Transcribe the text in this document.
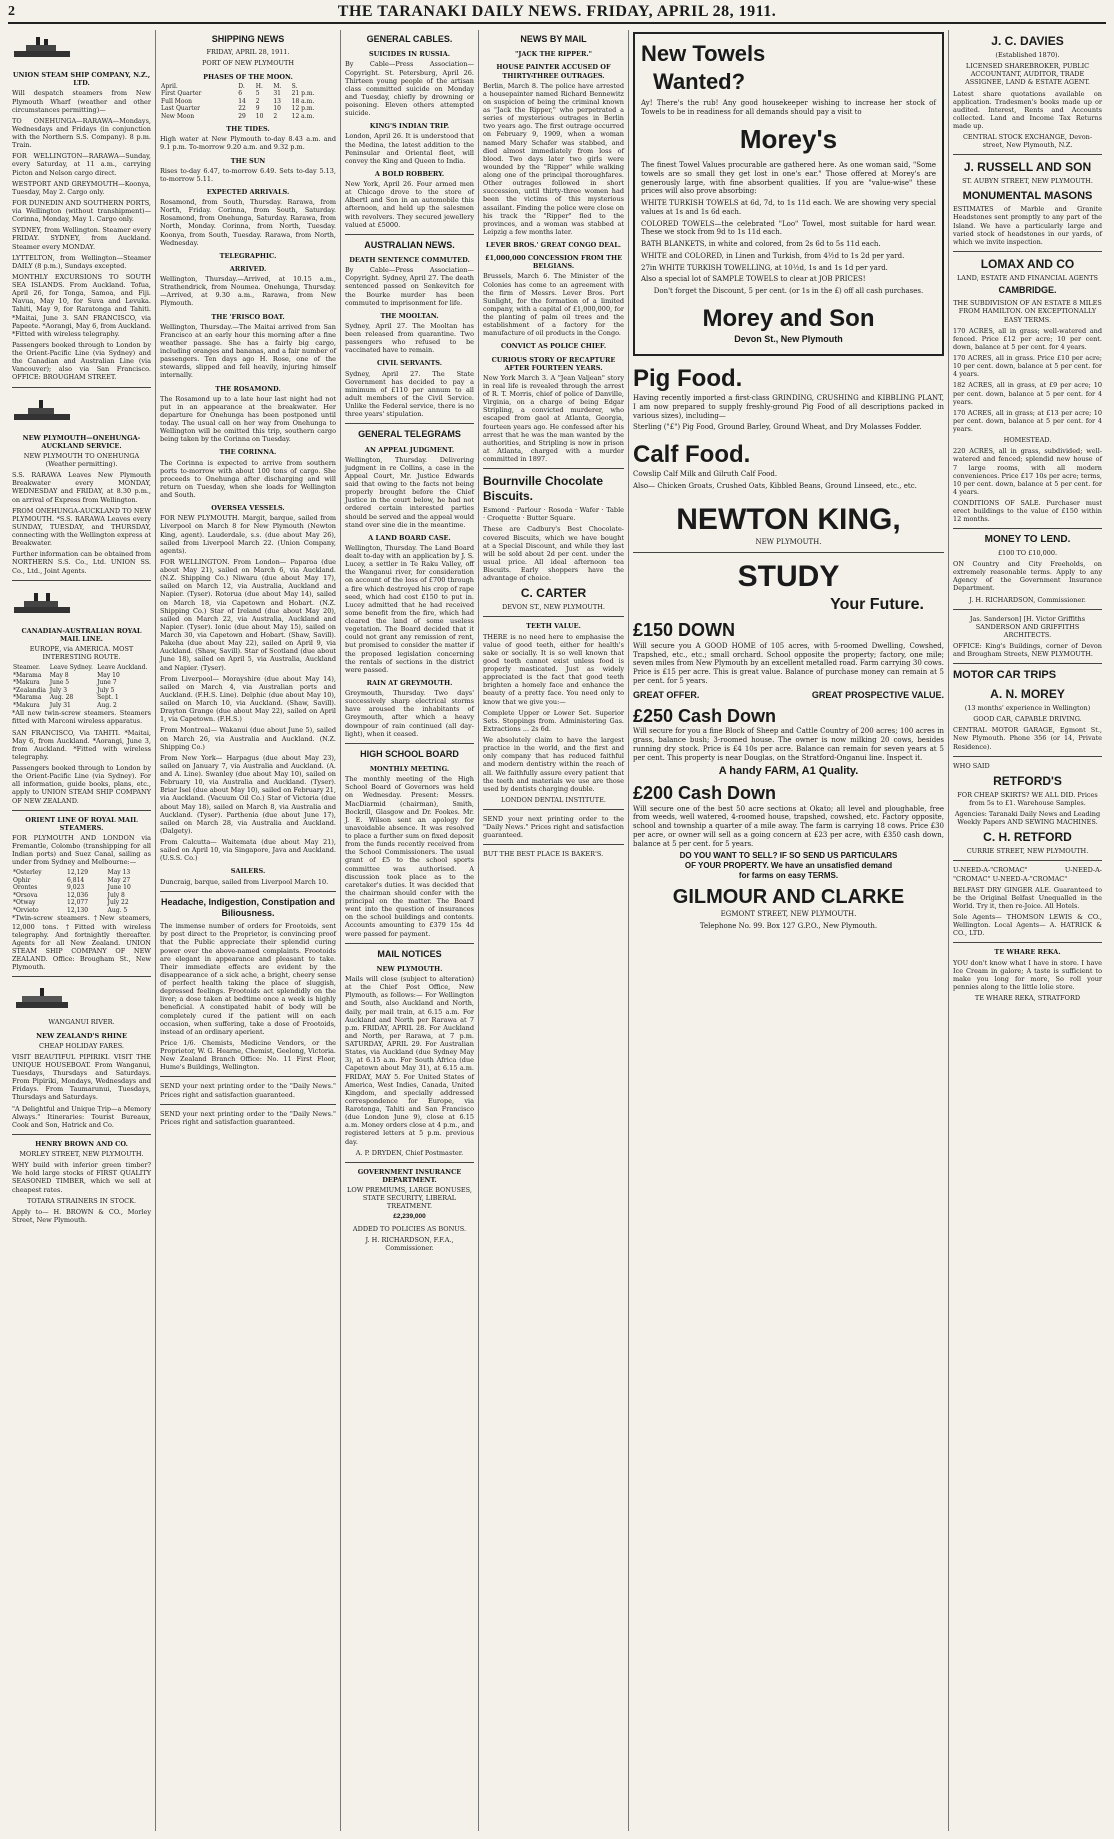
2	THE TARANAKI DAILY NEWS. FRIDAY, APRIL 28, 1911.
UNION STEAM SHIP COMPANY, N.Z., LTD.

Will despatch steamers from New Plymouth Wharf (weather and other circumstances permitting)—

TO ONEHUNGA—RARAWA—Mondays, Wednesdays and Fridays (in conjunction with the Northern S.S. Company). 8 p.m. Train.

FOR WELLINGTON—RARAWA—Sunday, every Saturday, at 11 a.m., carrying Picton and Nelson cargo direct.

WESTPORT AND GREYMOUTH—Koonya, Tuesday, May 2. Cargo only.

FOR DUNEDIN AND SOUTHERN PORTS, via Wellington (without transhipment)—Corinna, Monday, May 1. Cargo only.

SYDNEY, from Wellington. Steamer every FRIDAY. SYDNEY, from Auckland. Steamer every MONDAY.

LYTTELTON, from Wellington—Steamer DAILY (8 p.m.), Sundays excepted.

MONTHLY EXCURSIONS TO SOUTH SEA ISLANDS. From Auckland. Tofua, April 26, for Tonga, Samoa, and Fiji. Navua, May 10, for Suva and Levuka. Tahiti, May 9, for Raratonga and Tahiti. *Maitai, June 3. SAN FRANCISCO, via Papeete. *Aorangi, May 6, from Auckland. *Fitted with wireless telegraphy.

Passengers booked through to London by the Orient-Pacific Line (via Sydney) and the Canadian and Australian Line (via Vancouver); also via San Francisco. OFFICE: BROUGHAM STREET.

NEW PLYMOUTH—ONEHUNGA-AUCKLAND SERVICE.

NEW PLYMOUTH TO ONEHUNGA (Weather permitting).

S.S. RARAWA Leaves New Plymouth Breakwater every MONDAY, WEDNESDAY and FRIDAY, at 8.30 p.m., on arrival of Express from Wellington.

FROM ONEHUNGA-AUCKLAND TO NEW PLYMOUTH. *S.S. RARAWA Leaves every SUNDAY, TUESDAY, and THURSDAY, connecting with the Wellington express at Breakwater.

Further information can be obtained from NORTHERN S.S. Co., Ltd. UNION SS. Co., Ltd., Joint Agents.

CANADIAN-AUSTRALIAN ROYAL MAIL LINE.

EUROPE, via AMERICA. MOST INTERESTING ROUTE.

Steamer.	Leave Sydney.	Leave Auckland.
*Marama	May 8	May 10
*Makura	June 5	June 7
*Zealandia	July 3	July 5
*Marama	Aug. 28	Sept. 1
*Makura	July 31	Aug. 2

*All new twin-screw steamers. Steamers fitted with Marconi wireless apparatus.

SAN FRANCISCO, Via TAHITI. *Maitai, May 6, from Auckland. *Aorangi, June 3, from Auckland. *Fitted with wireless telegraphy.

Passengers booked through to London by the Orient-Pacific Line (via Sydney). For all information, guide books, plans, etc., apply to UNION STEAM SHIP COMPANY OF NEW ZEALAND.

ORIENT LINE OF ROYAL MAIL STEAMERS.

FOR PLYMOUTH AND LONDON via Fremantle, Colombo (transhipping for all Indian ports) and Suez Canal, sailing as under from Sydney and Melbourne:—

*Osterley	12,129	May 13
Ophir	6,814	May 27
Orontes	9,023	June 10
*Orsova	12,036	July 8
*Otway	12,077	July 22
*Orvieto	12,130	Aug. 5

*Twin-screw steamers. †New steamers, 12,000 tons. †Fitted with wireless telegraphy. And fortnightly thereafter. Agents for all New Zealand. UNION STEAM SHIP COMPANY OF NEW ZEALAND. Office: Brougham St., New Plymouth.

WANGANUI RIVER.

NEW ZEALAND'S RHINE

CHEAP HOLIDAY FARES.

VISIT BEAUTIFUL PIPIRIKI. VISIT THE UNIQUE HOUSEBOAT. From Wanganui, Tuesdays, Thursdays and Saturdays. From Pipiriki, Mondays, Wednesdays and Fridays. From Taumarunui, Tuesdays, Thursdays and Saturdays.

"A Delightful and Unique Trip—a Memory Always." Itineraries: Tourist Bureaux, Cook and Son, Hatrick and Co.

HENRY BROWN AND CO.

MORLEY STREET, NEW PLYMOUTH.

WHY build with inferior green timber? We hold large stocks of FIRST QUALITY SEASONED TIMBER, which we sell at cheapest rates.

TOTARA STRAINERS IN STOCK.

Apply to— H. BROWN & CO., Morley Street, New Plymouth.

SHIPPING NEWS

FRIDAY, APRIL 28, 1911.

PORT OF NEW PLYMOUTH

PHASES OF THE MOON.
April.	D.	H.	M.	S.
First Quarter	6	5	31	21 p.m.
Full Moon	14	2	13	18 a.m.
Last Quarter	22	9	10	12 p.m.
New Moon	29	10	2	12 a.m.
THE TIDES.

High water at New Plymouth to-day 8.43 a.m. and 9.1 p.m. To-morrow 9.20 a.m. and 9.32 p.m.

THE SUN

Rises to-day 6.47, to-morrow 6.49. Sets to-day 5.13, to-morrow 5.11.

EXPECTED ARRIVALS.

Rosamond, from South, Thursday. Rarawa, from North, Friday. Corinna, from South, Saturday. Rosamond, from Onehunga, Saturday. Rarawa, from North, Monday. Corinna, from North, Tuesday. Koonya, from South, Tuesday. Rarawa, from North, Wednesday.

TELEGRAPHIC.
ARRIVED.

Wellington, Thursday.—Arrived, at 10.15 a.m., Strathendrick, from Noumea. Onehunga, Thursday.—Arrived, at 9.30 a.m., Rarawa, from New Plymouth.

THE 'FRISCO BOAT.

Wellington, Thursday.—The Maitai arrived from San Francisco at an early hour this morning after a fine weather passage. She has a fairly big cargo, including oranges and bananas, and a fair number of passengers. Ten days ago H. Rose, one of the stewards, slipped and fell heavily, injuring himself internally.

THE ROSAMOND.

The Rosamond up to a late hour last night had not put in an appearance at the breakwater. Her departure for Onehunga has been postponed until today. The usual call on her way from Onehunga to Wellington will be omitted this trip, southern cargo being taken by the Corinna on Tuesday.

THE CORINNA.

The Corinna is expected to arrive from southern ports to-morrow with about 100 tons of cargo. She proceeds to Onehunga after discharging and will return on Tuesday, when she loads for Wellington and South.

OVERSEA VESSELS.

FOR NEW PLYMOUTH. Margit, barque, sailed from Liverpool on March 8 for New Plymouth (Newton King, agent). Lauderdale, s.s. (due about May 26), sailed from Liverpool March 22. (Union Company, agents).

FOR WELLINGTON. From London— Paparoa (due about May 21), sailed on March 6, via Auckland. (N.Z. Shipping Co.) Niwaru (due about May 17), sailed on March 12, via Australia, Auckland and Napier. (Tyser). Rotorua (due about May 14), sailed on March 18, via Capetown and Hobart. (N.Z. Shipping Co.) Star of Ireland (due about May 20), sailed on March 22, via Australia, Auckland and Napier. (Tyser). Ionic (due about May 15), sailed on March 30, via Capetown and Hobart. (Shaw, Savill). Pakeha (due about May 22), sailed on April 9, via Auckland. (Shaw, Savill). Star of Scotland (due about June 18), sailed on April 5, via Australia, Auckland and Napier. (Tyser).

From Liverpool— Morayshire (due about May 14), sailed on March 4, via Australian ports and Auckland. (F.H.S. Line). Delphic (due about May 10), sailed on March 10, via Auckland. (Shaw, Savill). Drayton Grange (due about May 22), sailed on April 1, via Capetown. (F.H.S.)

From Montreal— Wakanui (due about June 5), sailed on March 26, via Australia and Auckland. (N.Z. Shipping Co.)

From New York— Harpagus (due about May 23), sailed on January 7, via Australia and Auckland. (A. and A. Line). Swanley (due about May 10), sailed on February 10, via Australia and Auckland. (Tyser). Briar Isel (due about May 10), sailed on February 21, via Auckland. (Vacuum Oil Co.) Star of Victoria (due about May 18), sailed on March 8, via Australia and Auckland. (Tyser). Parthenia (due about June 17), sailed on March 28, via Australia and Auckland. (Dalgety).

From Calcutta— Waitemata (due about May 21), sailed on April 10, via Singapore, Java and Auckland. (U.S.S. Co.)

SAILERS.

Duncraig, barque, sailed from Liverpool March 10.

Headache, Indigestion, Constipation and Biliousness.

The immense number of orders for Frootoids, sent by post direct to the Proprietor, is convincing proof that the Public appreciate their splendid curing power over the above-named complaints. Frootoids are elegant in appearance and pleasant to take. Their immediate effects are evident by the disappearance of a sick ache, a bright, cheery sense of perfect health taking the place of sluggish, depressed feelings. Frootoids act splendidly on the liver; a dose taken at bedtime once a week is highly beneficial. A constipated habit of body will be completely cured if the patient will on each occasion, when suffering, take a dose of Frootoids, instead of an ordinary aperient.

Price 1/6. Chemists, Medicine Vendors, or the Proprietor, W. G. Hearne, Chemist, Geelong, Victoria. New Zealand Branch Office: No. 11 First Floor, Hume's Buildings, Wellington.

SEND your next printing order to the "Daily News." Prices right and satisfaction guaranteed.

SEND your next printing order to the "Daily News." Prices right and satisfaction guaranteed.

GENERAL CABLES.
SUICIDES IN RUSSIA.

By Cable—Press Association—Copyright. St. Petersburg, April 26. Thirteen young people of the artisan class committed suicide on Monday and Tuesday, chiefly by drowning or poisoning. Eleven others attempted suicide.

KING'S INDIAN TRIP.

London, April 26. It is understood that the Medina, the latest addition to the Peninsular and Oriental fleet, will convey the King and Queen to India.

A BOLD ROBBERY.

New York, April 26. Four armed men at Chicago drove to the store of Albertl and Son in an automobile this afternoon, and held up the salesmen with revolvers. They secured jewellery valued at £5000.

AUSTRALIAN NEWS.
DEATH SENTENCE COMMUTED.

By Cable—Press Association—Copyright. Sydney, April 27. The death sentenced passed on Senkevitch for the Bourke murder has been commuted to imprisonment for life.

THE MOOLTAN.

Sydney, April 27. The Mooltan has been released from quarantine. Two passengers who refused to be vaccinated have to remain.

CIVIL SERVANTS.

Sydney, April 27. The State Government has decided to pay a minimum of £110 per annum to all adult members of the Civil Service. Unlike the Federal service, there is no three years' stipulation.

GENERAL TELEGRAMS
AN APPEAL JUDGMENT.

Wellington, Thursday. Delivering judgment in re Collins, a case in the Appeal Court, Mr. Justice Edwards said that owing to the facts not being properly brought before the Chief Justice in the court below, he had not ordered certain interested parties should be served and the appeal would stand over sine die in the meantime.

A LAND BOARD CASE.

Wellington, Thursday. The Land Board dealt to-day with an application by J. S. Lucey, a settler in Te Raku Valley, off the Wanganui river, for consideration on account of the loss of £700 through a fire which destroyed his crop of rape seed, which had cost £150 to put in. Lucey admitted that he had received some benefit from the fire, which had cleared the land of some useless vegetation. The Board decided that it could not grant any remission of rent, but promised to consider the matter if the proposed legislation concerning the rentals of sections in the district were passed.

RAIN AT GREYMOUTH.

Greymouth, Thursday. Two days' successively sharp electrical storms have aroused the inhabitants of Greymouth, after which a heavy downpour of rain continued (all day-light), when it ceased.

HIGH SCHOOL BOARD
MONTHLY MEETING.

The monthly meeting of the High School Board of Governors was held on Wednesday. Present: Messrs. MacDiarmid (chairman), Smith, Bockrill, Glasgow and Dr. Fookes. Mr. J. E. Wilson sent an apology for unavoidable absence. It was resolved to place a further sum on fixed deposit from the funds recently received from the School Commissioners. The usual grant of £5 to the school sports committee was authorised. A discussion took place as to the caretaker's duties. It was decided that the chairman should confer with the principal on the matter. The Board went into the question of insurances on the school buildings and contents. Accounts amounting to £379 15s 4d were passed for payment.

MAIL NOTICES
NEW PLYMOUTH.

Mails will close (subject to alteration) at the Chief Post Office, New Plymouth, as follows:— For Wellington and South, also Auckland and North, daily, per mail train, at 6.15 a.m. For Auckland and North per Rarawa at 7 p.m. FRIDAY, APRIL 28. For Auckland and North, per Rarawa, at 7 p.m. SATURDAY, APRIL 29. For Australian States, via Auckland (due Sydney May 3), at 6.15 a.m. For South Africa (due Capetown about May 31), at 6.15 a.m. FRIDAY, MAY 5. For United States of America, West Indies, Canada, United Kingdom, and specially addressed correspondence for Europe, via Rarotonga, Tahiti and San Francisco (due London June 9), close at 6.15 a.m. Money orders close at 4 p.m., and registered letters at 5 p.m. previous day.

A. P. DRYDEN, Chief Postmaster.

GOVERNMENT INSURANCE DEPARTMENT.

LOW PREMIUMS, LARGE BONUSES, STATE SECURITY, LIBERAL TREATMENT.

£2,239,000

ADDED TO POLICIES AS BONUS.

J. H. RICHARDSON, F.F.A., Commissioner.

NEWS BY MAIL
"JACK THE RIPPER."
HOUSE PAINTER ACCUSED OF THIRTY-THREE OUTRAGES.

Berlin, March 8. The police have arrested a housepainter named Richard Bennewitz on suspicion of being the criminal known as "Jack the Ripper," who perpetrated a series of mysterious outrages in Berlin two years ago. The first outrage occurred on February 9, 1909, when a woman named Mary Schafer was stabbed, and died almost immediately from loss of blood. Two days later two girls were wounded by the "Ripper" while walking along one of the principal thoroughfares. Other outrages followed in short succession, until thirty-three women had been the victims of this mysterious assailant. Finding the police were close on his track the "Ripper" fled to the provinces, and a woman was stabbed at Leipzig a few months later.

LEVER BROS.' GREAT CONGO DEAL.
£1,000,000 CONCESSION FROM THE BELGIANS.

Brussels, March 6. The Minister of the Colonies has come to an agreement with the firm of Messrs. Lever Bros. Port Sunlight, for the formation of a limited company, with a capital of £1,000,000, for the planting of palm oil trees and the establishment of a factory for the manufacture of oil products in the Congo.

CONVICT AS POLICE CHIEF.
CURIOUS STORY OF RECAPTURE AFTER FOURTEEN YEARS.

New York March 3. A "Jean Valjean" story in real life is revealed through the arrest of R. T. Morris, chief of police of Danville, Virginia, on a charge of being Edgar Stripling, a convicted murderer, who escaped from gaol at Atlanta, Georgia, fourteen years ago. He confessed after his arrest that he was the man wanted by the authorities, and Stripling is now in prison at Atlanta, charged with a murder committed in 1897.

Bournville Chocolate Biscuits.

Esmond · Parlour · Rosoda · Wafer · Table · Croquette · Butter Square.

These are Cadbury's Best Chocolate-covered Biscuits, which we have bought at a Special Discount, and while they last will be sold about 2d per cent. under the usual price. All ideal afternoon tea Biscuits. Early shoppers have the advantage of choice.

C. CARTER

DEVON ST., NEW PLYMOUTH.

TEETH VALUE.

THERE is no need here to emphasise the value of good teeth, either for health's sake or socially. It is so well known that good teeth cannot exist unless food is properly masticated. Just as widely appreciated is the fact that good teeth brighten a homely face and enhance the beauty of a pretty face. You need only to know that we give you:—

Complete Upper or Lower Set. Superior Sets. Stoppings from. Administering Gas. Extractions ... 2s 6d.

We absolutely claim to have the largest practice in the world, and the first and only company that has reduced faithful and modern dentistry within the reach of all. We faithfully assure every patient that the teeth and materials we use are those used by dentists charging double.

LONDON DENTAL INSTITUTE.

SEND your next printing order to the "Daily News." Prices right and satisfaction guaranteed.

BUT THE BEST PLACE IS BAKER'S.

New Towels
Wanted?

Ay! There's the rub! Any good housekeeper wishing to increase her stock of Towels to be in readiness for all demands should pay a visit to

Morey's

The finest Towel Values procurable are gathered here. As one woman said, "Some towels are so small they get lost in one's ear." Those offered at Morey's are generously large, with fine absorbent qualities. If you are "value-wise" these prices will also prove absorbing:

WHITE TURKISH TOWELS at 6d, 7d, to 1s 11d each. We are showing very special values at 1s and 1s 6d each.

COLORED TOWELS—the celebrated "Loo" Towel, most suitable for hard wear. These we stock from 9d to 1s 11d each.

BATH BLANKETS, in white and colored, from 2s 6d to 5s 11d each.

WHITE and COLORED, in Linen and Turkish, from 4½d to 1s 2d per yard.

27in WHITE TURKISH TOWELLING, at 10½d, 1s and 1s 1d per yard.

Also a special lot of SAMPLE TOWELS to clear at JOB PRICES!

Don't forget the Discount, 5 per cent. (or 1s in the £) off all cash purchases.

Morey and Son

Devon St., New Plymouth

Pig Food.

Having recently imported a first-class GRINDING, CRUSHING and KIBBLING PLANT, I am now prepared to supply freshly-ground Pig Food of all descriptions packed in various sizes), including—

Sterling ("£") Pig Food, Ground Barley, Ground Wheat, and Dry Molasses Fodder.

Calf Food.

Cowslip Calf Milk and Gilruth Calf Food.

Also— Chicken Groats, Crushed Oats, Kibbled Beans, Ground Linseed, etc., etc.

NEWTON KING,

NEW PLYMOUTH.

STUDY
Your Future.
£150 DOWN

Will secure you A GOOD HOME of 105 acres, with 5-roomed Dwelling, Cowshed, Trapshed, etc., etc.; small orchard. School opposite the property; factory, one mile; seven miles from New Plymouth by an excellent metalled road. Farm carrying 30 cows. Price is £15 per acre. This is great value. Balance of purchase money can remain at 5 per cent. for 5 years.

GREAT OFFER.	GREAT PROSPECTIVE VALUE.
£250 Cash Down

Will secure for you a fine Block of Sheep and Cattle Country of 200 acres; 100 acres in grass, balance bush; 3-roomed house. The owner is now milking 20 cows, besides running dry stock. Price is £4 10s per acre. Balance can remain for seven years at 5 per cent. This property is near Douglas, on the Stratford-Onganui line. Inspect it.

A handy FARM, A1 Quality.

£200 Cash Down

Will secure one of the best 50 acre sections at Okato; all level and ploughable, free from weeds, well watered, 4-roomed house, trapshed, cowshed, etc. Factory opposite, school and township a quarter of a mile away. The farm is carrying 18 cows. Price £30 per acre, or owner will sell as a going concern at £23 per acre, with £350 cash down, balance at 5 per cent. for 5 years.

DO YOU WANT TO SELL? IF SO SEND US PARTICULARS

OF YOUR PROPERTY. We have an unsatisfied demand

for farms on easy TERMS.

GILMOUR AND CLARKE

EGMONT STREET, NEW PLYMOUTH.

Telephone No. 99. Box 127 G.P.O., New Plymouth.

J. C. DAVIES

(Established 1870).

LICENSED SHAREBROKER, PUBLIC ACCOUNTANT, AUDITOR, TRADE ASSIGNEE, LAND & ESTATE AGENT.

Latest share quotations available on application. Tradesmen's books made up or audited. Interest, Rents and Accounts collected. Land and Income Tax Returns made up.

CENTRAL STOCK EXCHANGE, Devon-street, New Plymouth, N.Z.

J. RUSSELL AND SON

ST. AUBYN STREET, NEW PLYMOUTH.

MONUMENTAL MASONS

ESTIMATES of Marble and Granite Headstones sent promptly to any part of the Island. We have a particularly large and varied stock of headstones in our yards, of which we invite inspection.

LOMAX AND CO

LAND, ESTATE AND FINANCIAL AGENTS

CAMBRIDGE.

THE SUBDIVISION OF AN ESTATE 8 MILES FROM HAMILTON. ON EXCEPTIONALLY EASY TERMS.

170 ACRES, all in grass; well-watered and fenced. Price £12 per acre; 10 per cent. down, balance at 5 per cent. for 4 years.

170 ACRES, all in grass. Price £10 per acre; 10 per cent. down, balance at 5 per cent. for 4 years.

182 ACRES, all in grass, at £9 per acre; 10 per cent. down, balance at 5 per cent. for 4 years.

170 ACRES, all in grass; at £13 per acre; 10 per cent. down, balance at 5 per cent. for 4 years.

HOMESTEAD.

220 ACRES, all in grass, subdivided; well-watered and fenced; splendid new house of 7 large rooms, with all modern conveniences. Price £17 10s per acre; terms, 10 per cent. down, balance at 5 per cent. for 4 years.

CONDITIONS OF SALE. Purchaser must erect buildings to the value of £150 within 12 months.

MONEY TO LEND.

£100 TO £10,000.

ON Country and City Freeholds, on extremely reasonable terms. Apply to any Agency of the Government Insurance Department.

J. H. RICHARDSON, Commissioner.

Jas. Sanderson] [H. Victor Griffiths SANDERSON AND GRIFFITHS ARCHITECTS.

OFFICE: King's Buildings, corner of Devon and Brougham Streets, NEW PLYMOUTH.

MOTOR CAR TRIPS
A. N. MOREY

(13 months' experience in Wellington)

GOOD CAR, CAPABLE DRIVING.

CENTRAL MOTOR GARAGE, Egmont St., New Plymouth. Phone 356 (or 14, Private Residence).

WHO SAID

RETFORD'S

FOR CHEAP SKIRTS? WE ALL DID. Prices from 5s to £1. Warehouse Samples.

Agencies: Taranaki Daily News and Leading Weekly Papers AND SEWING MACHINES.

C. H. RETFORD

CURRIE STREET, NEW PLYMOUTH.

U-NEED-A-"CROMAC" U-NEED-A-"CROMAC" U-NEED-A-"CROMAC"

BELFAST DRY GINGER ALE. Guaranteed to be the Original Belfast Unequalled in the World. Try it, then re-Joice. All Hotels.

Sole Agents— THOMSON LEWIS & CO., Wellington. Local Agents— A. HATRICK & CO., LTD.

TE WHARE REKA.

YOU don't know what I have in store. I have Ice Cream in galore; A taste is sufficient to make you long for more, So roll your pennies along to the little lolie store.

TE WHARE REKA, STRATFORD
